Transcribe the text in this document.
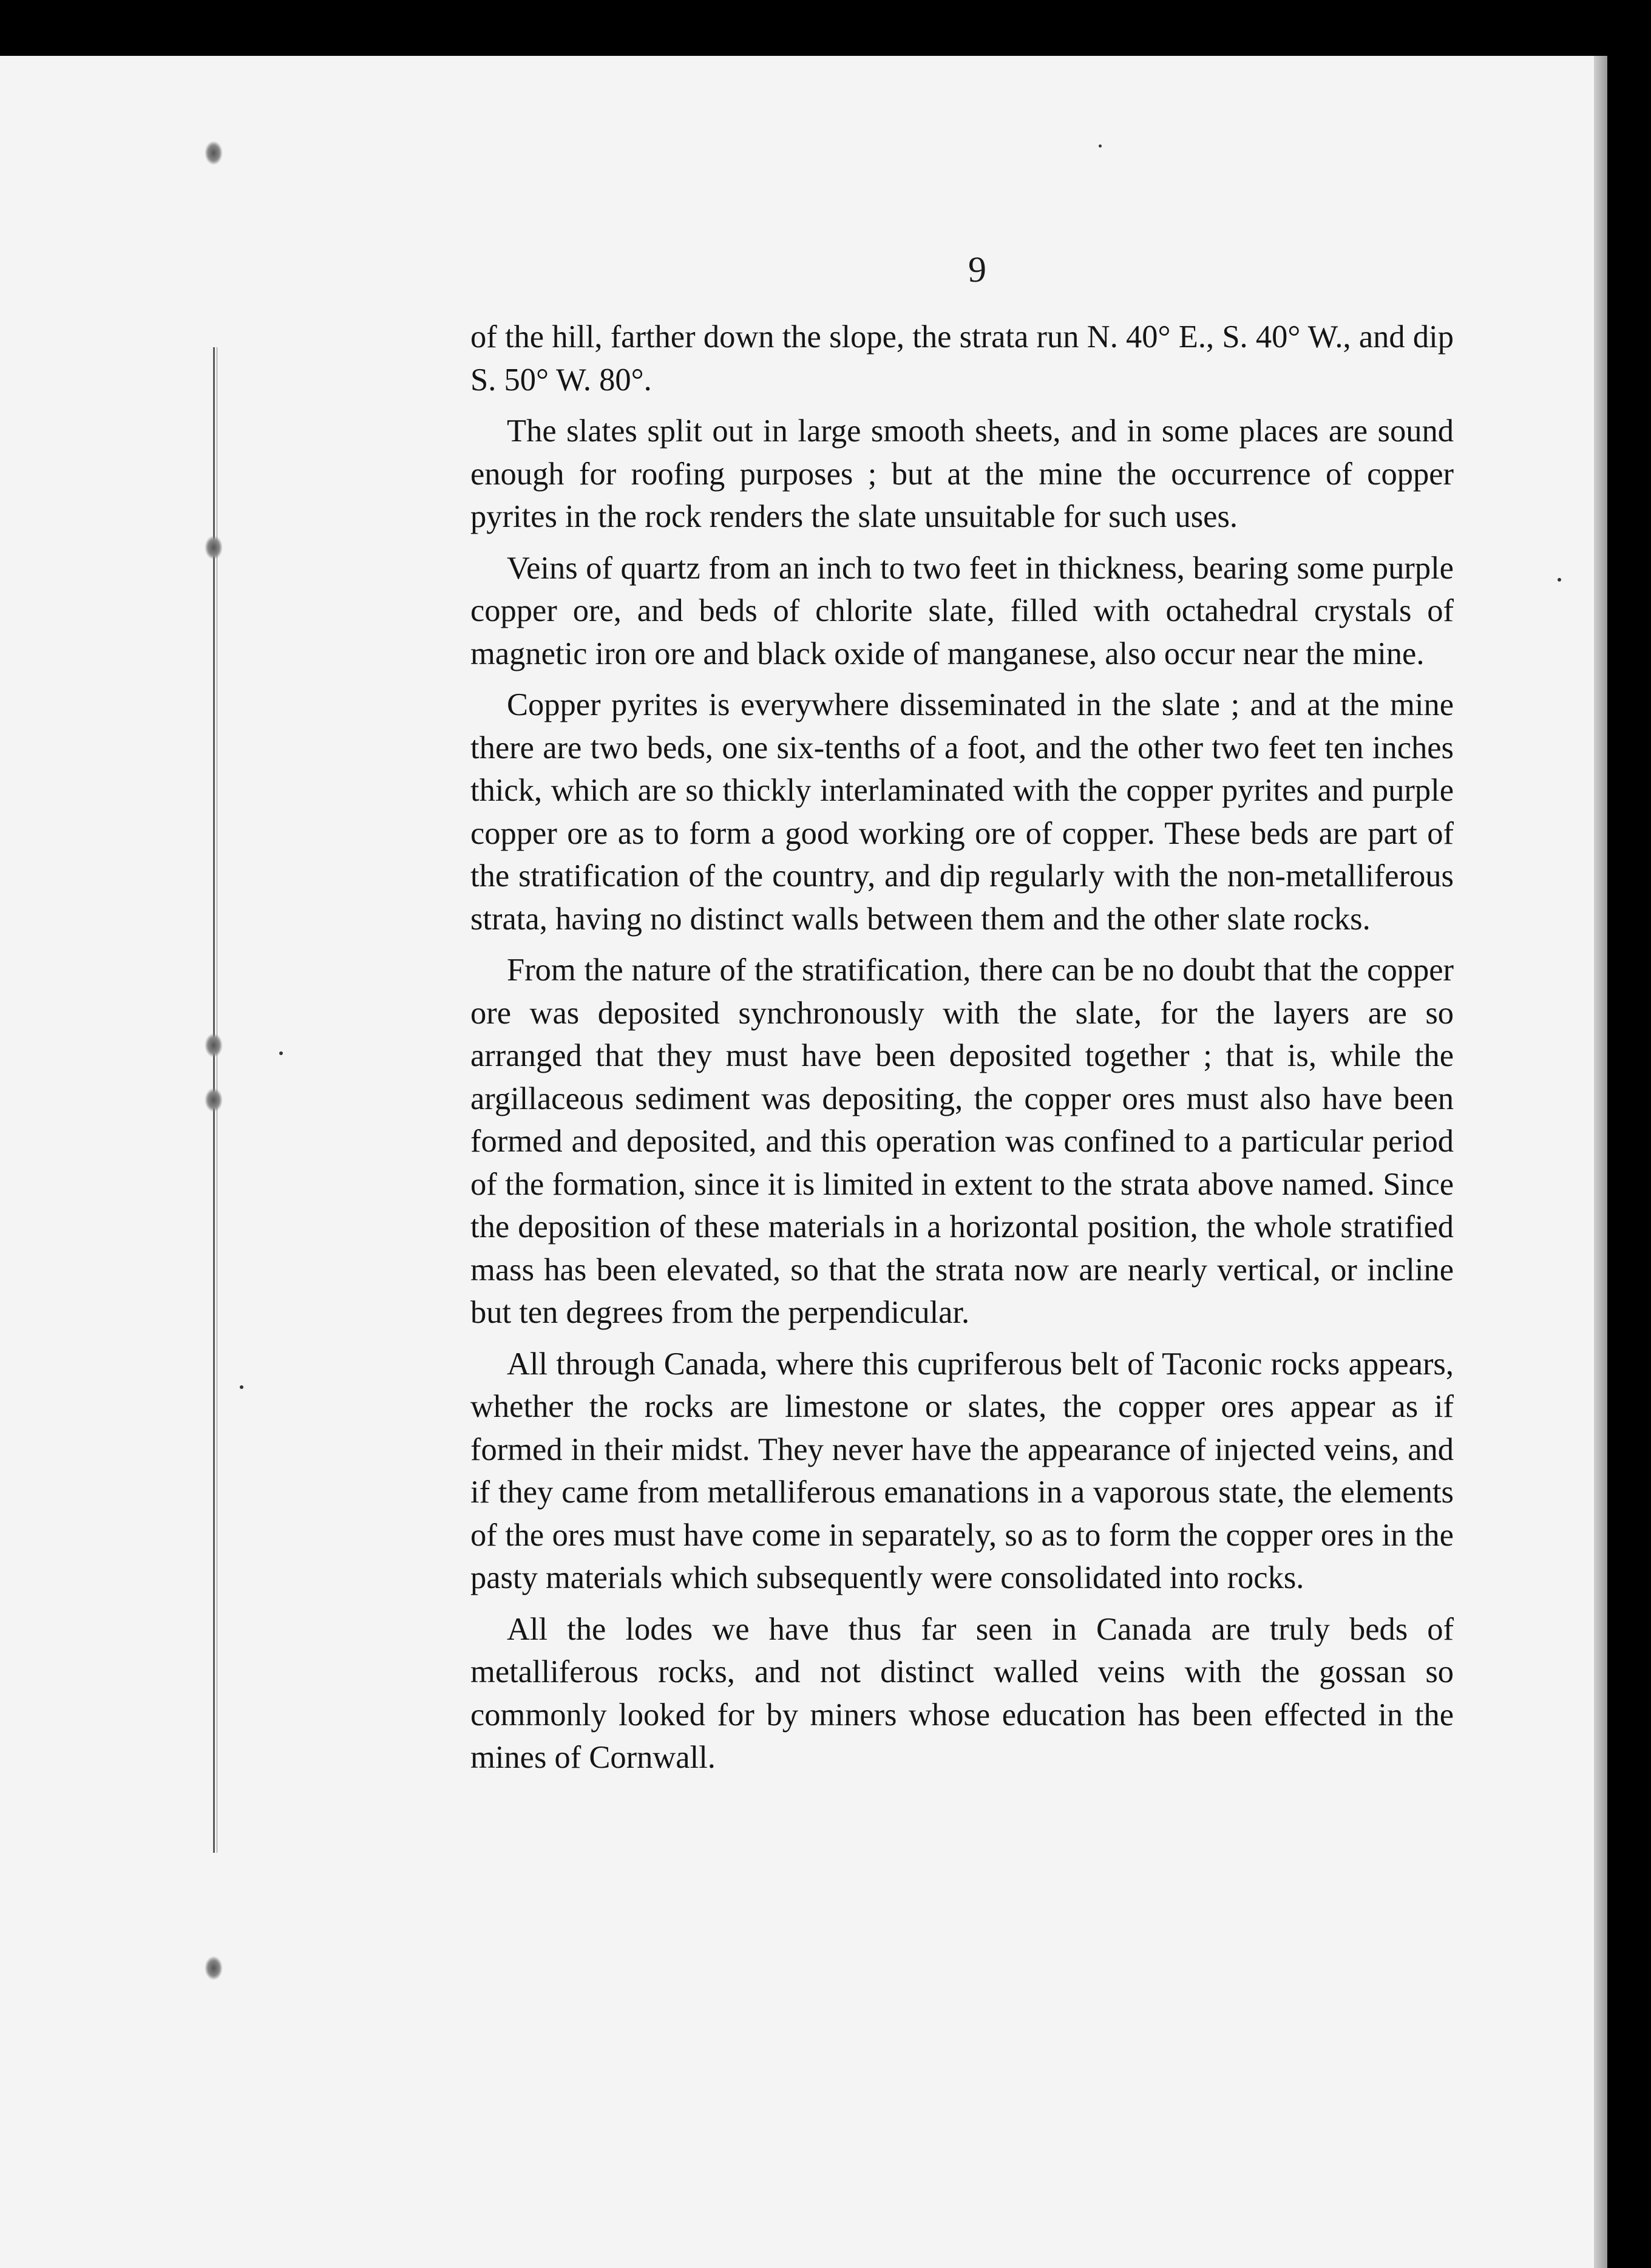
9

of the hill, farther down the slope, the strata run N. 40° E., S. 40° W., and dip S. 50° W. 80°.

The slates split out in large smooth sheets, and in some places are sound enough for roofing purposes ; but at the mine the occurrence of copper pyrites in the rock renders the slate unsuitable for such uses.

Veins of quartz from an inch to two feet in thickness, bearing some purple copper ore, and beds of chlorite slate, filled with octahedral crystals of magnetic iron ore and black oxide of manganese, also occur near the mine.

Copper pyrites is everywhere disseminated in the slate ; and at the mine there are two beds, one six-tenths of a foot, and the other two feet ten inches thick, which are so thickly interlaminated with the copper pyrites and purple copper ore as to form a good working ore of copper. These beds are part of the stratification of the country, and dip regularly with the non-metalliferous strata, having no distinct walls between them and the other slate rocks.

From the nature of the stratification, there can be no doubt that the copper ore was deposited synchronously with the slate, for the layers are so arranged that they must have been deposited together ; that is, while the argillaceous sediment was depositing, the copper ores must also have been formed and deposited, and this operation was confined to a particular period of the formation, since it is limited in extent to the strata above named. Since the deposition of these materials in a horizontal position, the whole stratified mass has been elevated, so that the strata now are nearly vertical, or incline but ten degrees from the perpendicular.

All through Canada, where this cupriferous belt of Taconic rocks appears, whether the rocks are limestone or slates, the copper ores appear as if formed in their midst. They never have the appearance of injected veins, and if they came from metalliferous emanations in a vaporous state, the elements of the ores must have come in separately, so as to form the copper ores in the pasty materials which subsequently were consolidated into rocks.

All the lodes we have thus far seen in Canada are truly beds of metalliferous rocks, and not distinct walled veins with the gossan so commonly looked for by miners whose education has been effected in the mines of Cornwall.
